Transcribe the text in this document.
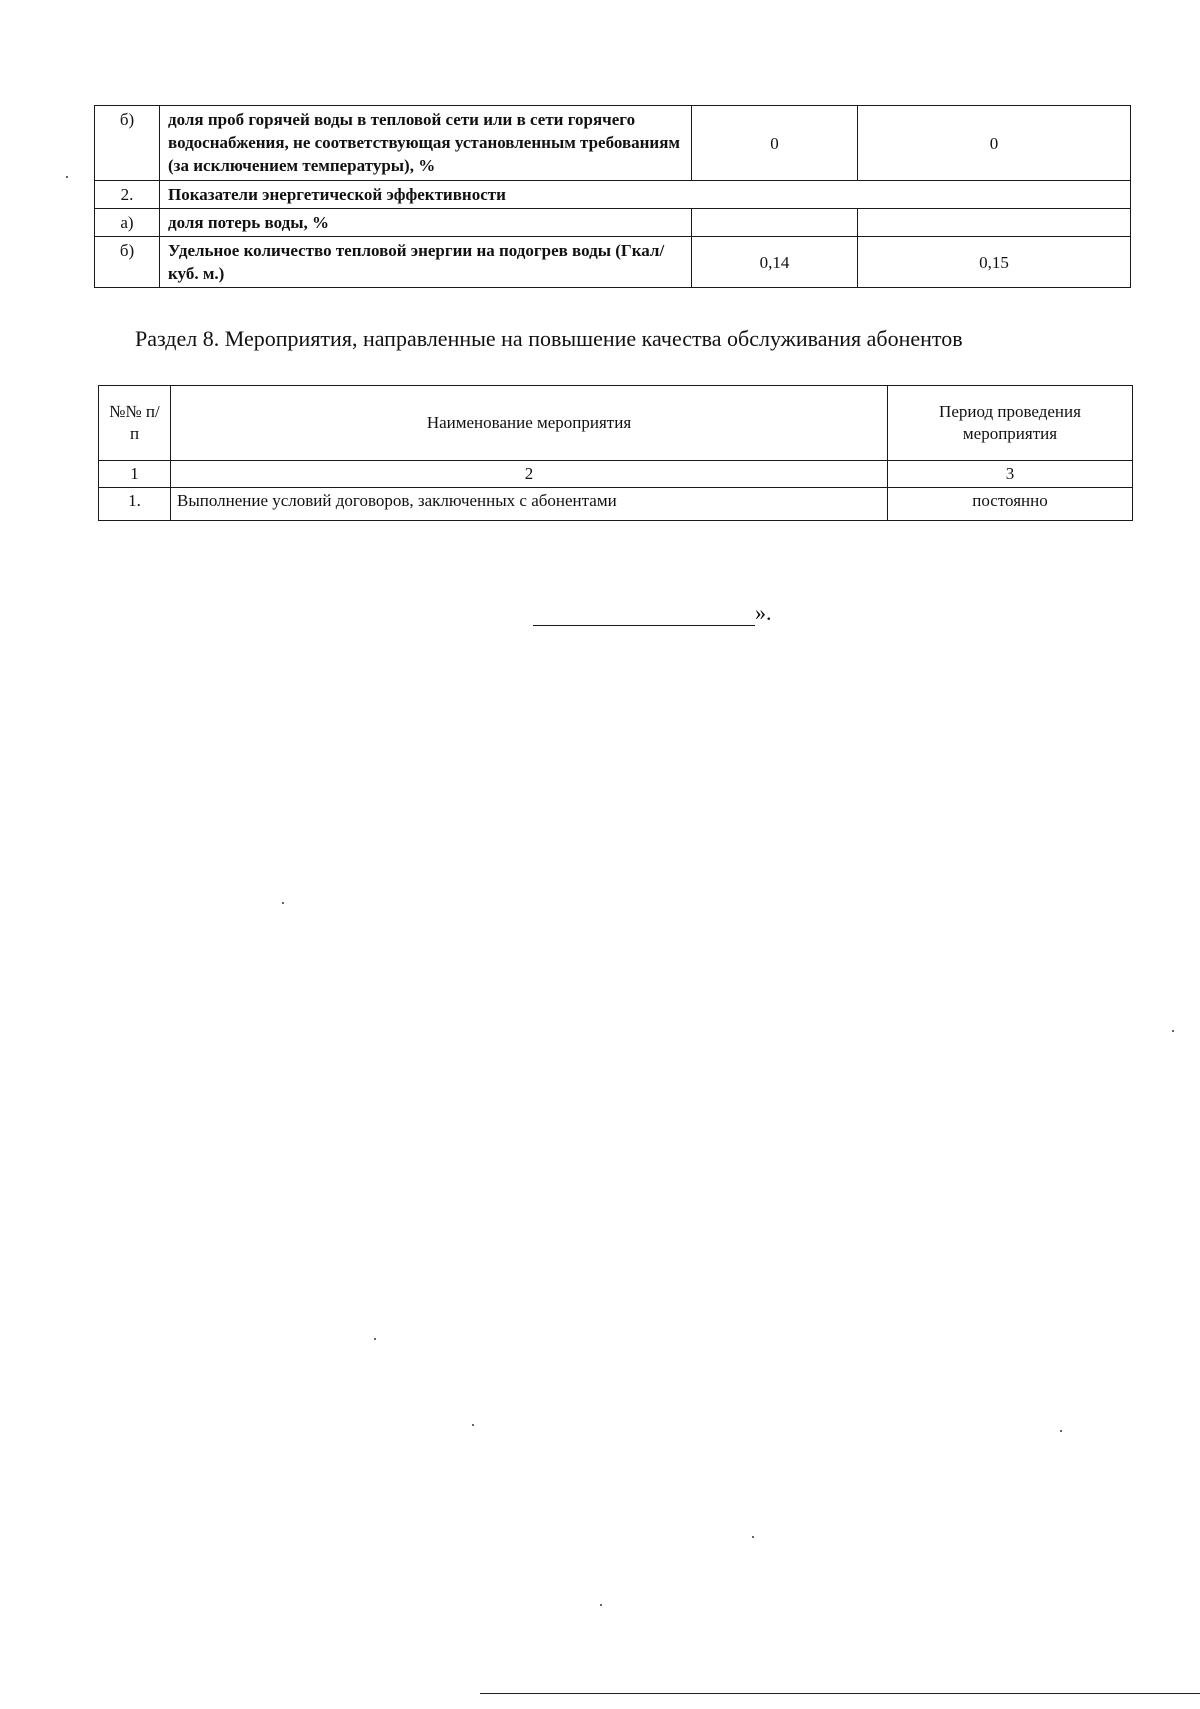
б)	доля проб горячей воды в тепловой сети или в сети горячего водоснабжения, не соответствующая установленным требованиям (за исключением температуры), %	0	0
2.	Показатели энергетической эффективности		
а)	доля потерь воды, %		
б)	Удельное количество тепловой энергии на подогрев воды (Гкал/куб. м.)	0,14	0,15
Раздел 8. Мероприятия, направленные на повышение качества обслуживания абонентов
№№ п/п	Наименование мероприятия	Период проведения мероприятия
1	2	3
1.	Выполнение условий договоров, заключенных с абонентами	постоянно
».
